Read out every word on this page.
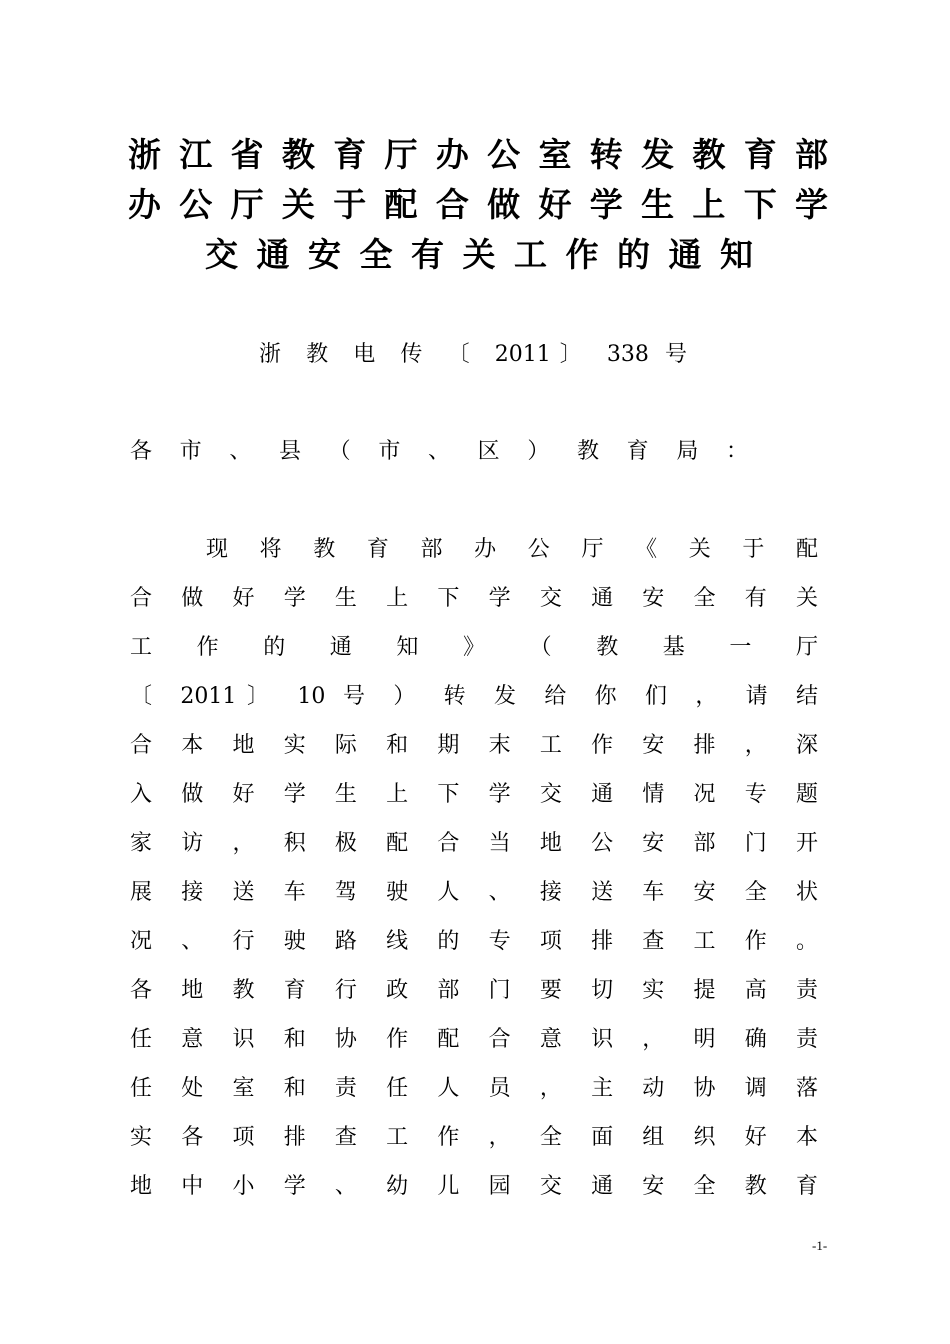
浙江省教育厅办公室转发教育部
办公厅关于配合做好学生上下学
交通安全有关工作的通知
浙 教 电 传 〔 2011〕 338 号
各 市 、 县 （ 市 、 区 ） 教 育 局 ：
现 将 教 育 部 办 公 厅 《 关 于 配
合 做 好 学 生 上 下 学 交 通 安 全 有 关
工 作 的 通 知 》 （ 教 基 一 厅
〔 2011〕 10 号 ） 转 发 给 你 们 ， 请 结
合 本 地 实 际 和 期 末 工 作 安 排 ， 深
入 做 好 学 生 上 下 学 交 通 情 况 专 题
家 访 ， 积 极 配 合 当 地 公 安 部 门 开
展 接 送 车 驾 驶 人 、 接 送 车 安 全 状
况 、 行 驶 路 线 的 专 项 排 查 工 作 。
各 地 教 育 行 政 部 门 要 切 实 提 高 责
任 意 识 和 协 作 配 合 意 识 ， 明 确 责
任 处 室 和 责 任 人 员 ， 主 动 协 调 落
实 各 项 排 查 工 作 ， 全 面 组 织 好 本
地 中 小 学 、 幼 儿 园 交 通 安 全 教 育
-1-
